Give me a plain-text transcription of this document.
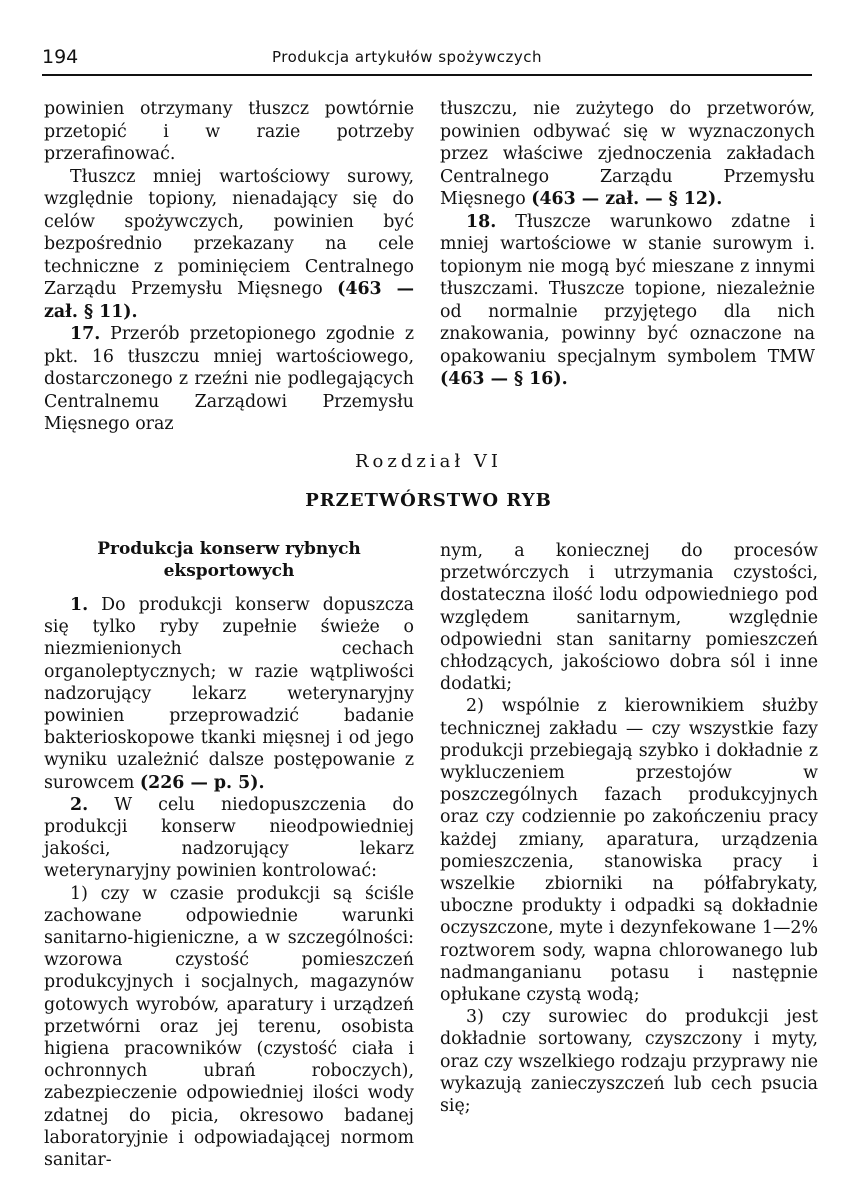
194	Produkcja artykułów spożywczych

powinien otrzymany tłuszcz powtórnie przetopić i w razie potrzeby przerafinować.

Tłuszcz mniej wartościowy surowy, względnie topiony, nienadający się do celów spożywczych, powinien być bezpośrednio przekazany na cele techniczne z pominięciem Centralnego Zarządu Przemysłu Mięsnego (463 — zał. § 11).

17. Przerób przetopionego zgodnie z pkt. 16 tłuszczu mniej wartościowego, dostarczonego z rzeźni nie podlegających Centralnemu Zarządowi Przemysłu Mięsnego oraz

tłuszczu, nie zużytego do przetworów, powinien odbywać się w wyznaczonych przez właściwe zjednoczenia zakładach Centralnego Zarządu Przemysłu Mięsnego (463 — zał. — § 12).

18. Tłuszcze warunkowo zdatne i mniej wartościowe w stanie surowym i. topionym nie mogą być mieszane z innymi tłuszczami. Tłuszcze topione, niezależnie od normalnie przyjętego dla nich znakowania, powinny być oznaczone na opakowaniu specjalnym symbolem TMW (463 — § 16).

Rozdział VI
PRZETWÓRSTWO RYB
Produkcja konserw rybnych eksportowych

1. Do produkcji konserw dopuszcza się tylko ryby zupełnie świeże o niezmienionych cechach organoleptycznych; w razie wątpliwości nadzorujący lekarz weterynaryjny powinien przeprowadzić badanie bakterioskopowe tkanki mięsnej i od jego wyniku uzależnić dalsze postępowanie z surowcem (226 — p. 5).

2. W celu niedopuszczenia do produkcji konserw nieodpowiedniej jakości, nadzorujący lekarz weterynaryjny powinien kontrolować:

1) czy w czasie produkcji są ściśle zachowane odpowiednie warunki sanitarno-higieniczne, a w szczególności: wzorowa czystość pomieszczeń produkcyjnych i socjalnych, magazynów gotowych wyrobów, aparatury i urządzeń przetwórni oraz jej terenu, osobista higiena pracowników (czystość ciała i ochronnych ubrań roboczych), zabezpieczenie odpowiedniej ilości wody zdatnej do picia, okresowo badanej laboratoryjnie i odpowiadającej normom sanitar-

nym, a koniecznej do procesów przetwórczych i utrzymania czystości, dostateczna ilość lodu odpowiedniego pod względem sanitarnym, względnie odpowiedni stan sanitarny pomieszczeń chłodzących, jakościowo dobra sól i inne dodatki;

2) wspólnie z kierownikiem służby technicznej zakładu — czy wszystkie fazy produkcji przebiegają szybko i dokładnie z wykluczeniem przestojów w poszczególnych fazach produkcyjnych oraz czy codziennie po zakończeniu pracy każdej zmiany, aparatura, urządzenia pomieszczenia, stanowiska pracy i wszelkie zbiorniki na półfabrykaty, uboczne produkty i odpadki są dokładnie oczyszczone, myte i dezynfekowane 1—2% roztworem sody, wapna chlorowanego lub nadmanganianu potasu i następnie opłukane czystą wodą;

3) czy surowiec do produkcji jest dokładnie sortowany, czyszczony i myty, oraz czy wszelkiego rodzaju przyprawy nie wykazują zanieczyszczeń lub cech psucia się;
